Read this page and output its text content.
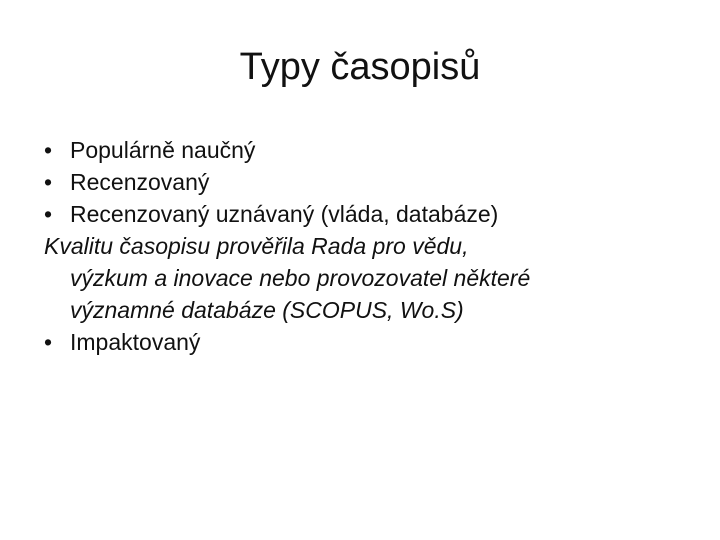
Typy časopisů
• Populárně naučný
• Recenzovaný
• Recenzovaný uznávaný (vláda, databáze)
Kvalitu časopisu prověřila Rada pro vědu,
výzkum a inovace nebo provozovatel některé
významné databáze (SCOPUS, Wo.S)
• Impaktovaný
